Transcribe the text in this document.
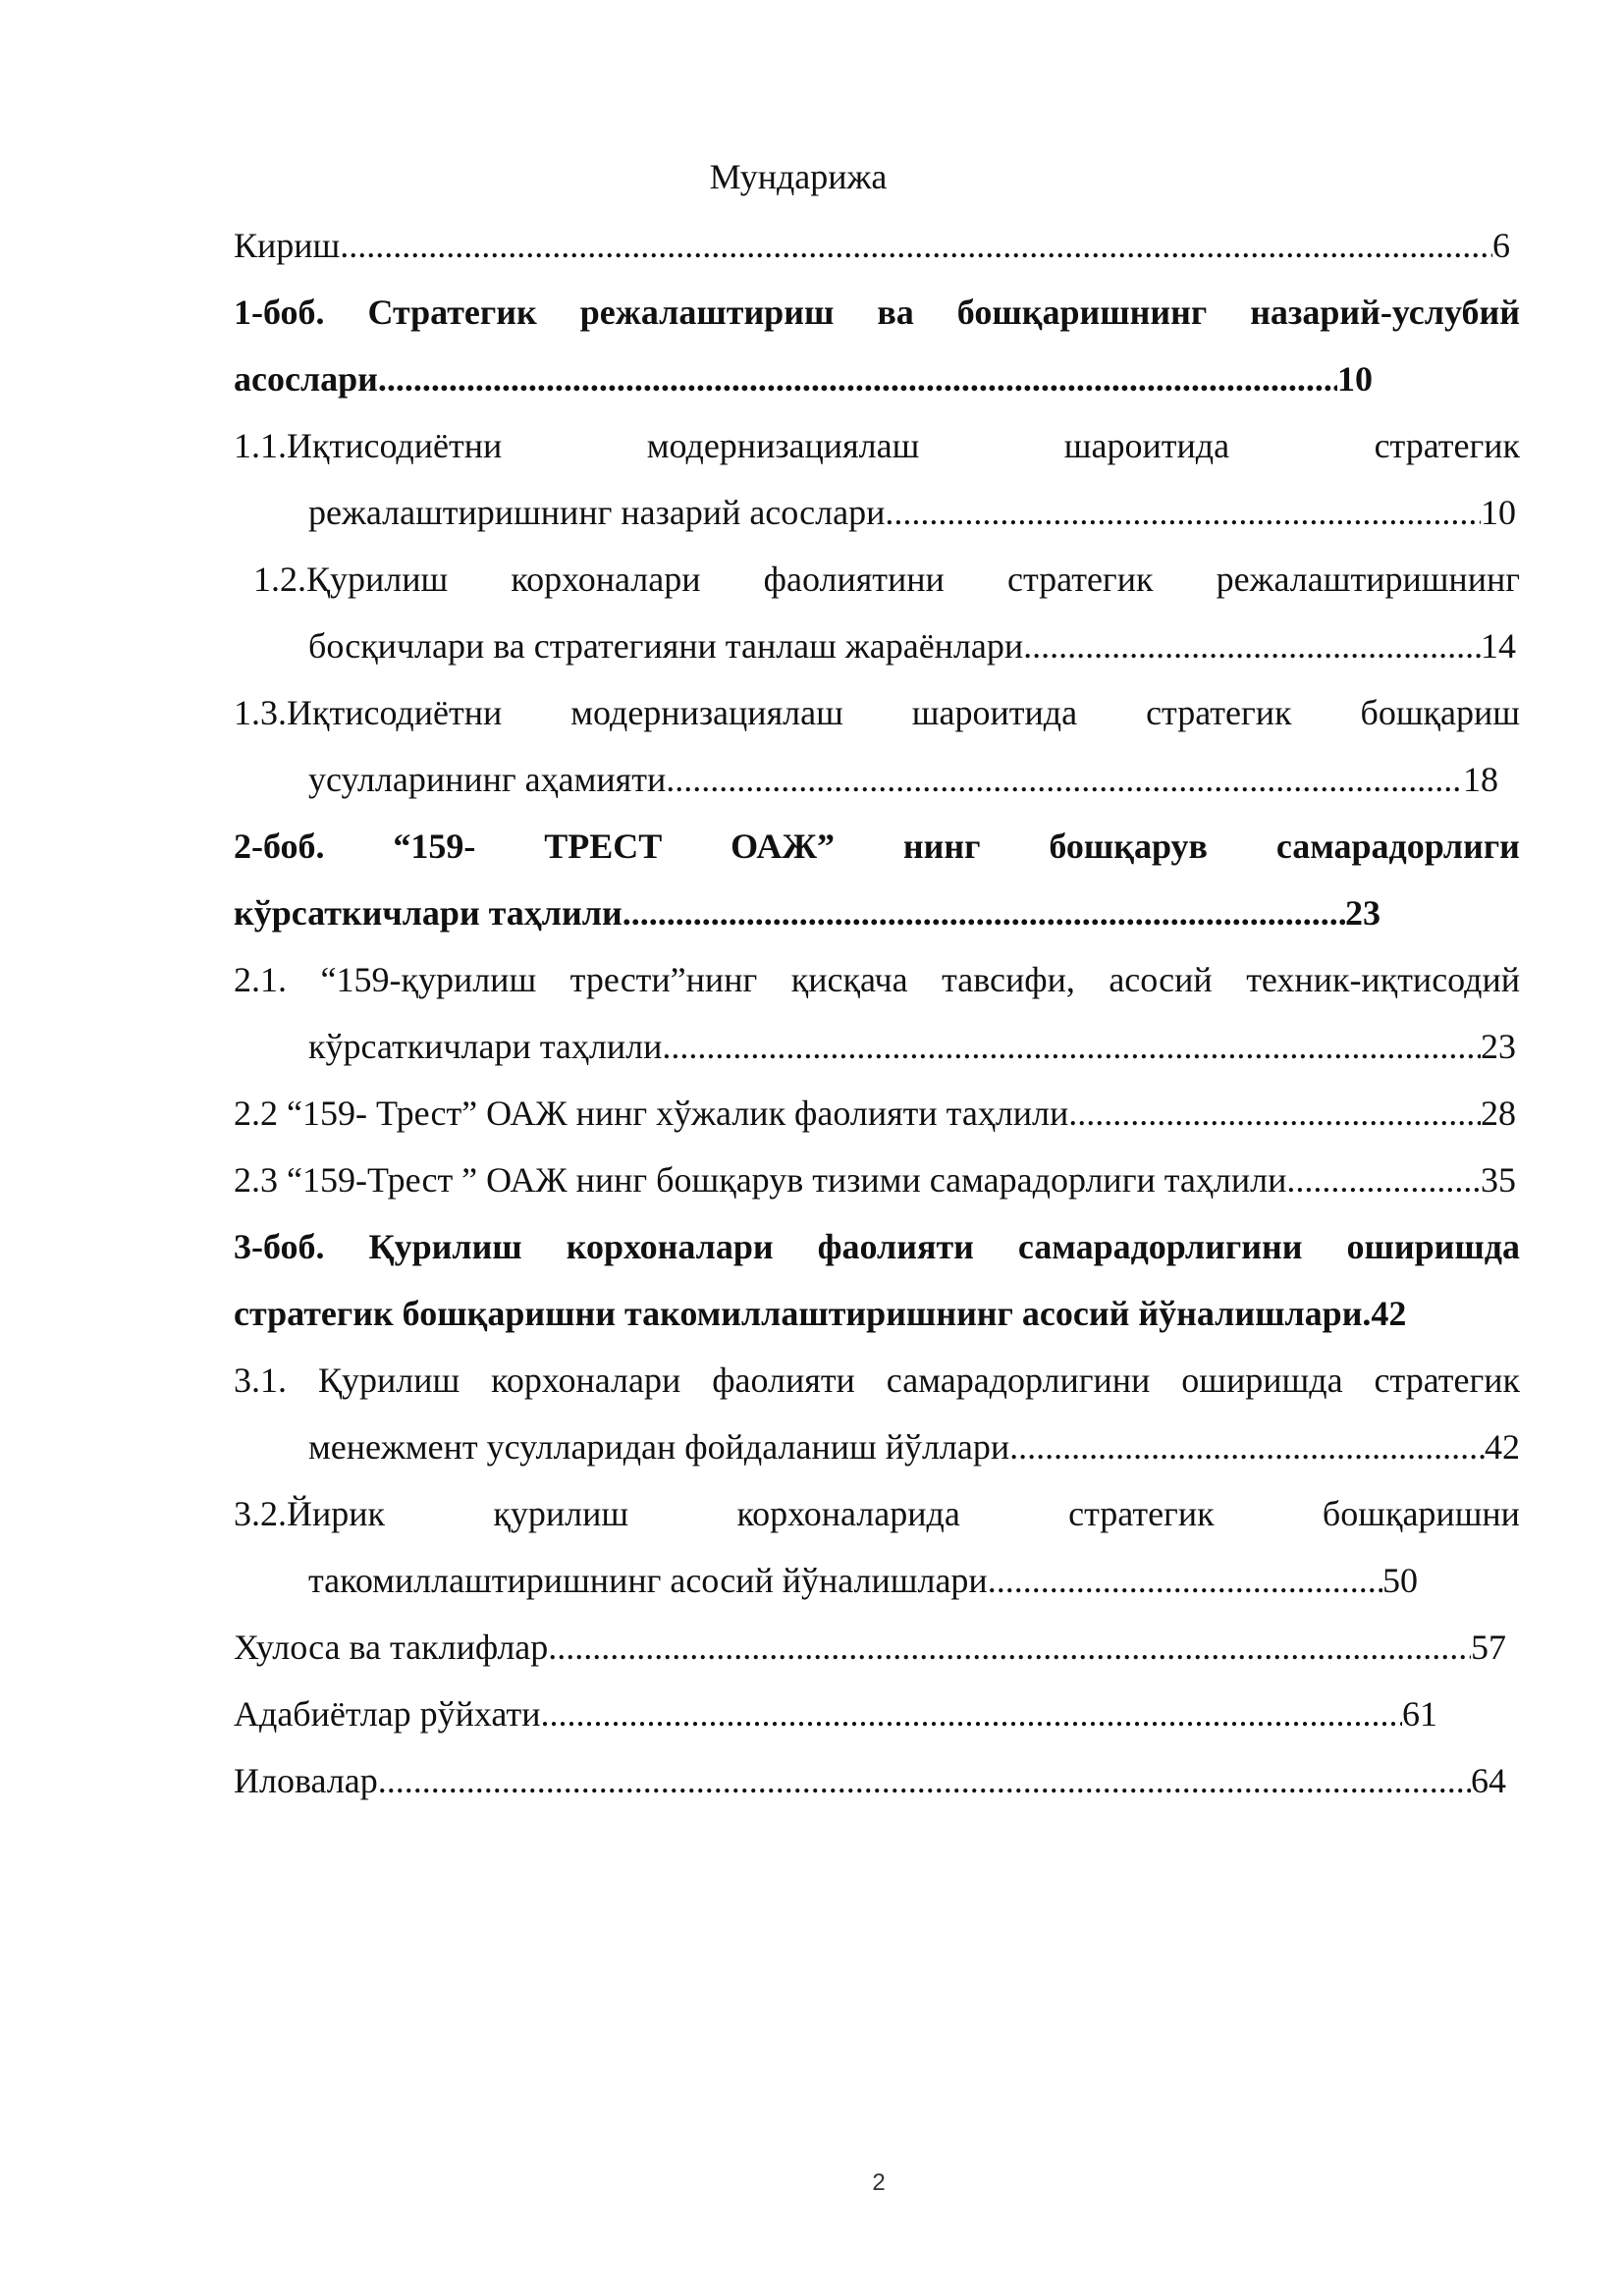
Мундарижа
Кириш .....	6
1-боб. Стратегик режалаштириш ва бошқаришнинг назарий-услубий
асослари .....	10
1.1.Иқтисодиётни	модернизациялаш	шароитида	стратегик
режалаштиришнинг назарий асослари .....	10
1.2.Қурилиш корхоналари фаолиятини стратегик режалаштиришнинг
босқичлари ва стратегияни танлаш жараёнлари .....	14
1.3.Иқтисодиётни модернизациялаш шароитида стратегик бошқариш
усулларининг аҳамияти .....	18
2-боб. “159- ТРЕСТ ОАЖ” нинг бошқарув самарадорлиги
кўрсаткичлари таҳлили .....	23
2.1. “159-қурилиш трести”нинг қисқача тавсифи, асосий техник-иқтисодий
кўрсаткичлари таҳлили .....	23
2.2 “159- Трест” ОАЖ нинг хўжалик фаолияти таҳлили .....	28
2.3 “159-Трест ” ОАЖ нинг бошқарув тизими самарадорлиги таҳлили .....	35
3-боб. Қурилиш корхоналари фаолияти самарадорлигини оширишда
стратегик бошқаришни такомиллаштиришнинг асосий йўналишлари.42
3.1. Қурилиш корхоналари фаолияти самарадорлигини оширишда стратегик
менежмент усулларидан фойдаланиш йўллари .....	42
3.2.Йирик	қурилиш	корхоналарида	стратегик	бошқаришни
такомиллаштиришнинг асосий йўналишлари .....	50
Хулоса ва таклифлар .....	57
Адабиётлар рўйхати .....	61
Иловалар .....	64
2
